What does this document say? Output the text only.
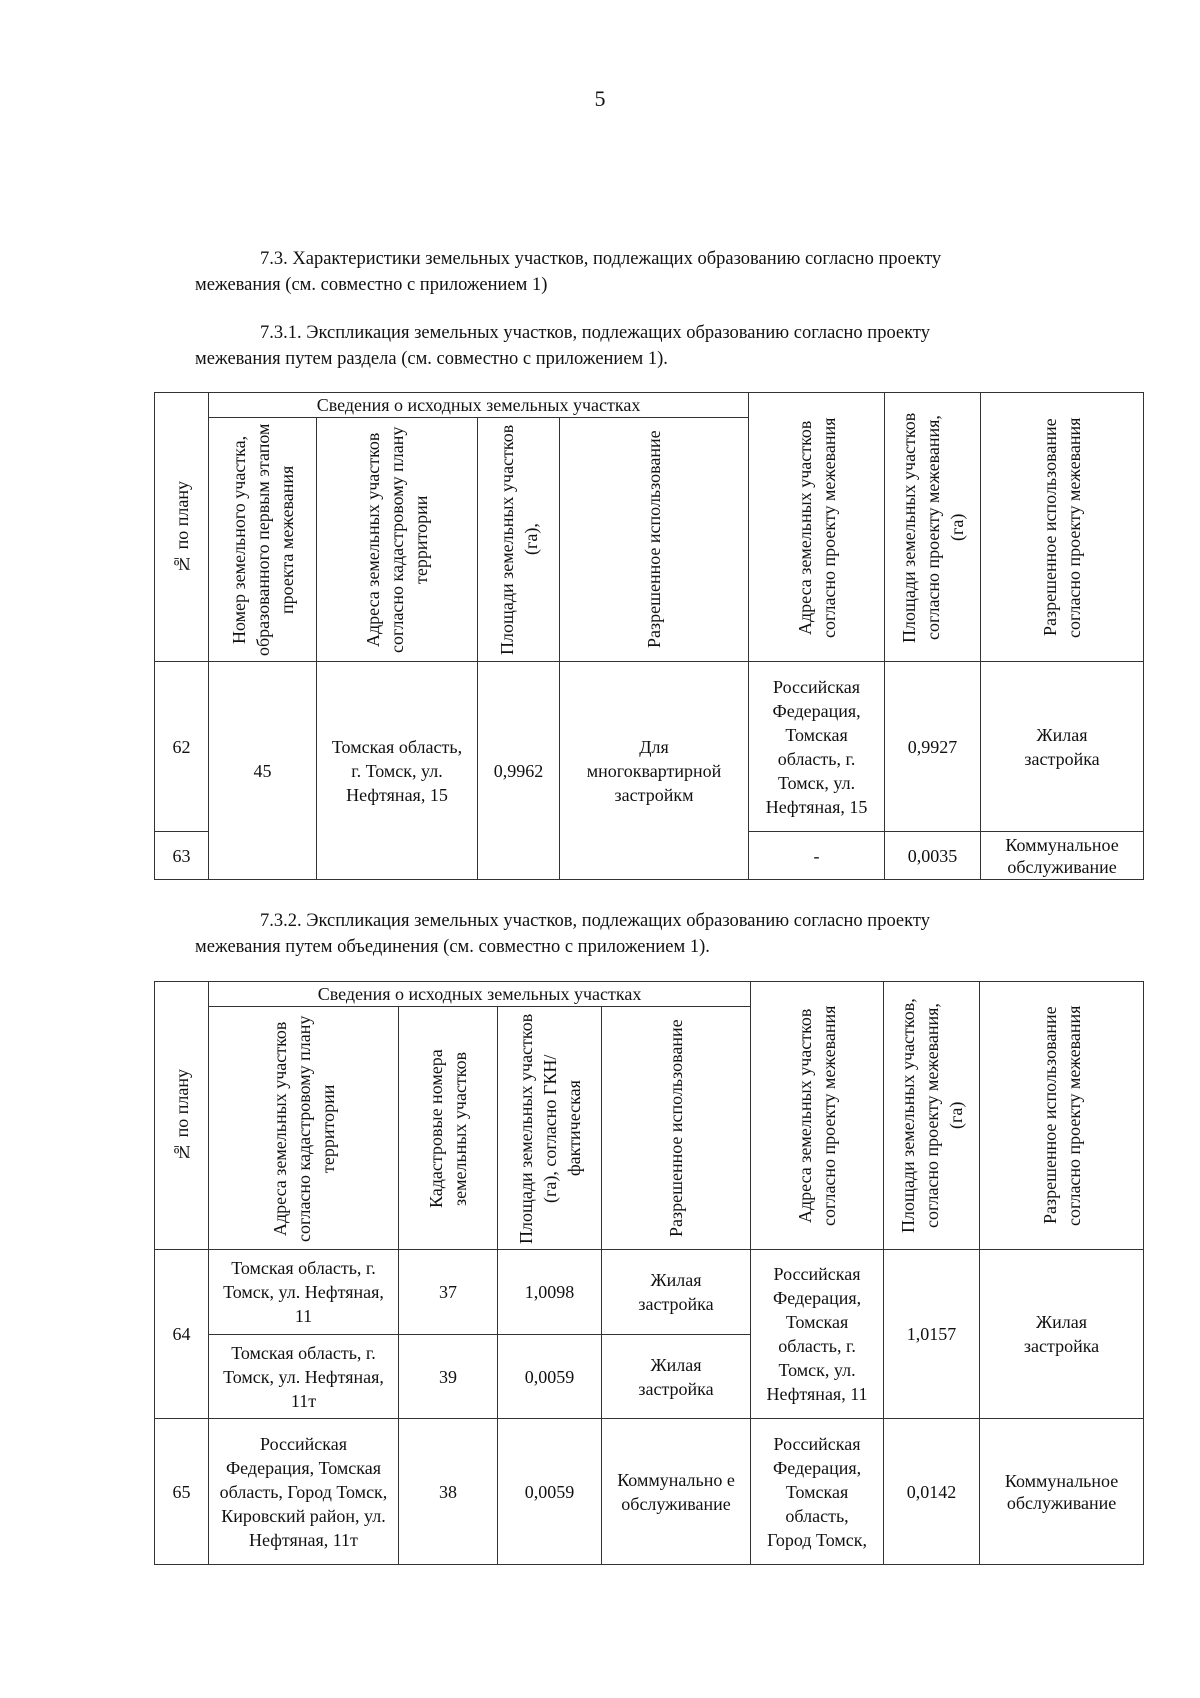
5

7.3. Характеристики земельных участков, подлежащих образованию согласно проекту
межевания (см. совместно с приложением 1)

7.3.1. Экспликация земельных участков, подлежащих образованию согласно проекту
межевания путем раздела (см. совместно с приложением 1).

№ по плану	Сведения о исходных земельных участках				Адреса земельных участков согласно проекту межевания	Площади земельных участков согласно проекту межевания, (га)	Разрешенное использование согласно проекту межевания

	Номер земельного участка, образованного первым этапом проекта межевания	Адреса земельных участков согласно кадастровому плану территории	Площади земельных участков (га),	Разрешенное использование			

62	45	Томская область, г. Томск, ул. Нефтяная, 15	0,9962	Для многоквартирной застройкм	Российская Федерация, Томская область, г. Томск, ул. Нефтяная, 15	0,9927	Жилая застройка

63					-	0,0035	Коммунальное обслуживание

7.3.2. Экспликация земельных участков, подлежащих образованию согласно проекту
межевания путем объединения (см. совместно с приложением 1).

№ по плану	Сведения о исходных земельных участках				Адреса земельных участков согласно проекту межевания	Площади земельных участков, согласно проекту межевания, (га)	Разрешенное использование согласно проекту межевания

	Адреса земельных участков согласно кадастровому плану территории	Кадастровые номера земельных участков	Площади земельных участков (га), согласно ГКН/фактическая	Разрешенное использование			

64	Томская область, г. Томск, ул. Нефтяная, 11	37	1,0098	Жилая застройка	Российская Федерация, Томская область, г. Томск, ул. Нефтяная, 11	1,0157	Жилая застройка

	Томская область, г. Томск, ул. Нефтяная, 11т	39	0,0059	Жилая застройка			

65	Российская Федерация, Томская область, Город Томск, Кировский район, ул. Нефтяная, 11т	38	0,0059	Коммунально е обслуживание	Российская Федерация, Томская область, Город Томск,	0,0142	Коммунальное обслуживание
